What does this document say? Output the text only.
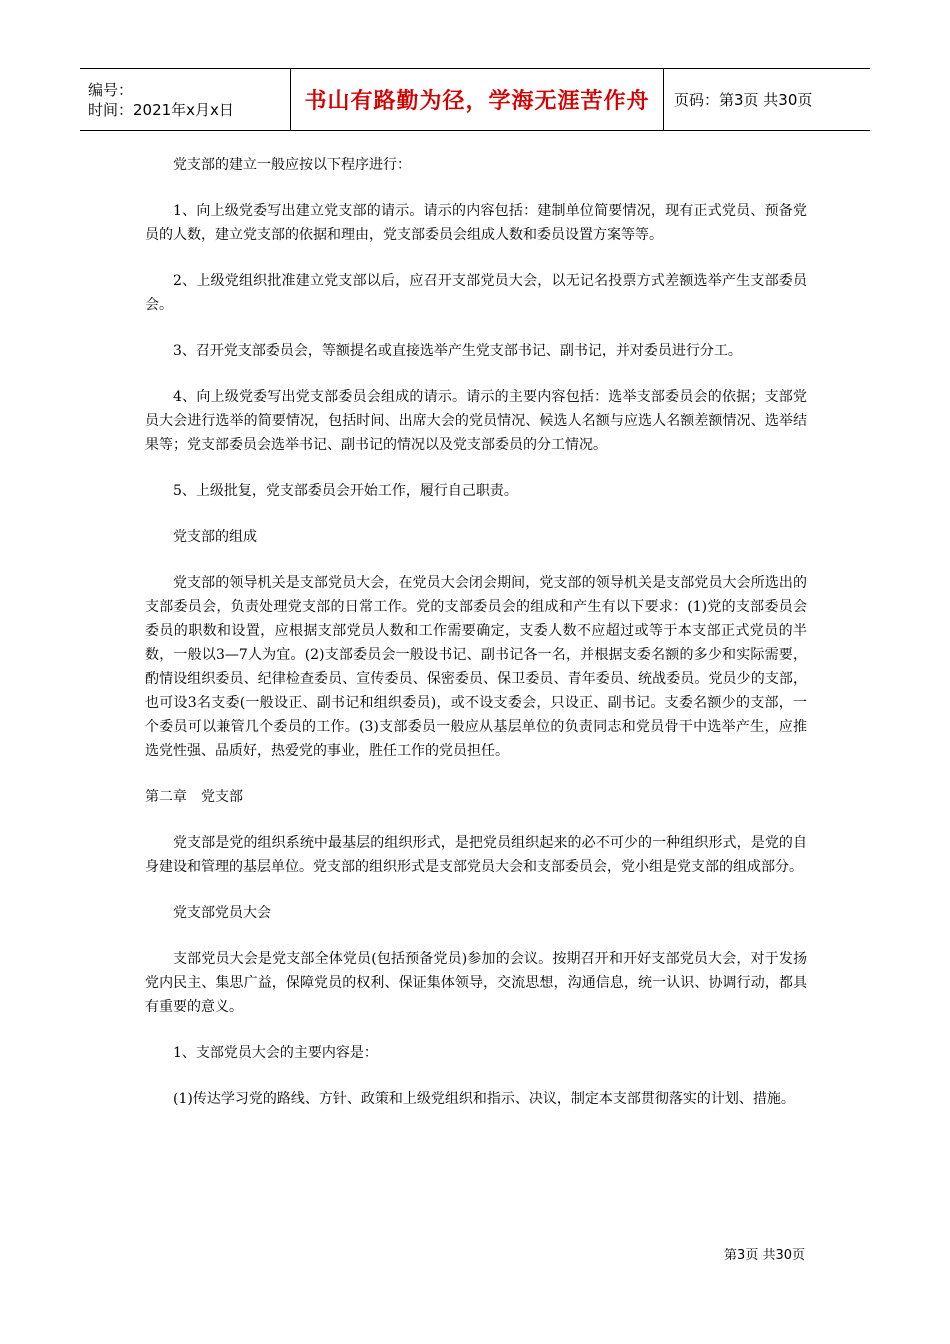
编号：
时间：2021年x月x日	书山有路勤为径，学海无涯苦作舟	页码：第3页 共30页

党支部的建立一般应按以下程序进行：

1、向上级党委写出建立党支部的请示。请示的内容包括：建制单位简要情况，现有正式党员、预备党员的人数，建立党支部的依据和理由，党支部委员会组成人数和委员设置方案等等。

2、上级党组织批准建立党支部以后，应召开支部党员大会，以无记名投票方式差额选举产生支部委员会。

3、召开党支部委员会，等额提名或直接选举产生党支部书记、副书记，并对委员进行分工。

4、向上级党委写出党支部委员会组成的请示。请示的主要内容包括：选举支部委员会的依据；支部党员大会进行选举的简要情况，包括时间、出席大会的党员情况、候选人名额与应选人名额差额情况、选举结果等；党支部委员会选举书记、副书记的情况以及党支部委员的分工情况。

5、上级批复，党支部委员会开始工作，履行自己职责。

党支部的组成

党支部的领导机关是支部党员大会，在党员大会闭会期间，党支部的领导机关是支部党员大会所选出的支部委员会，负责处理党支部的日常工作。党的支部委员会的组成和产生有以下要求：(1)党的支部委员会委员的职数和设置，应根据支部党员人数和工作需要确定，支委人数不应超过或等于本支部正式党员的半数，一般以3—7人为宜。(2)支部委员会一般设书记、副书记各一名，并根据支委名额的多少和实际需要，酌情设组织委员、纪律检查委员、宣传委员、保密委员、保卫委员、青年委员、统战委员。党员少的支部，也可设3名支委(一般设正、副书记和组织委员)，或不设支委会，只设正、副书记。支委名额少的支部，一个委员可以兼管几个委员的工作。(3)支部委员一般应从基层单位的负责同志和党员骨干中选举产生，应推选党性强、品质好，热爱党的事业，胜任工作的党员担任。

第二章　党支部

党支部是党的组织系统中最基层的组织形式，是把党员组织起来的必不可少的一种组织形式，是党的自身建设和管理的基层单位。党支部的组织形式是支部党员大会和支部委员会，党小组是党支部的组成部分。

党支部党员大会

支部党员大会是党支部全体党员(包括预备党员)参加的会议。按期召开和开好支部党员大会，对于发扬党内民主、集思广益，保障党员的权利、保证集体领导，交流思想，沟通信息，统一认识、协调行动，都具有重要的意义。

1、支部党员大会的主要内容是：

(1)传达学习党的路线、方针、政策和上级党组织和指示、决议，制定本支部贯彻落实的计划、措施。

第3页 共30页
